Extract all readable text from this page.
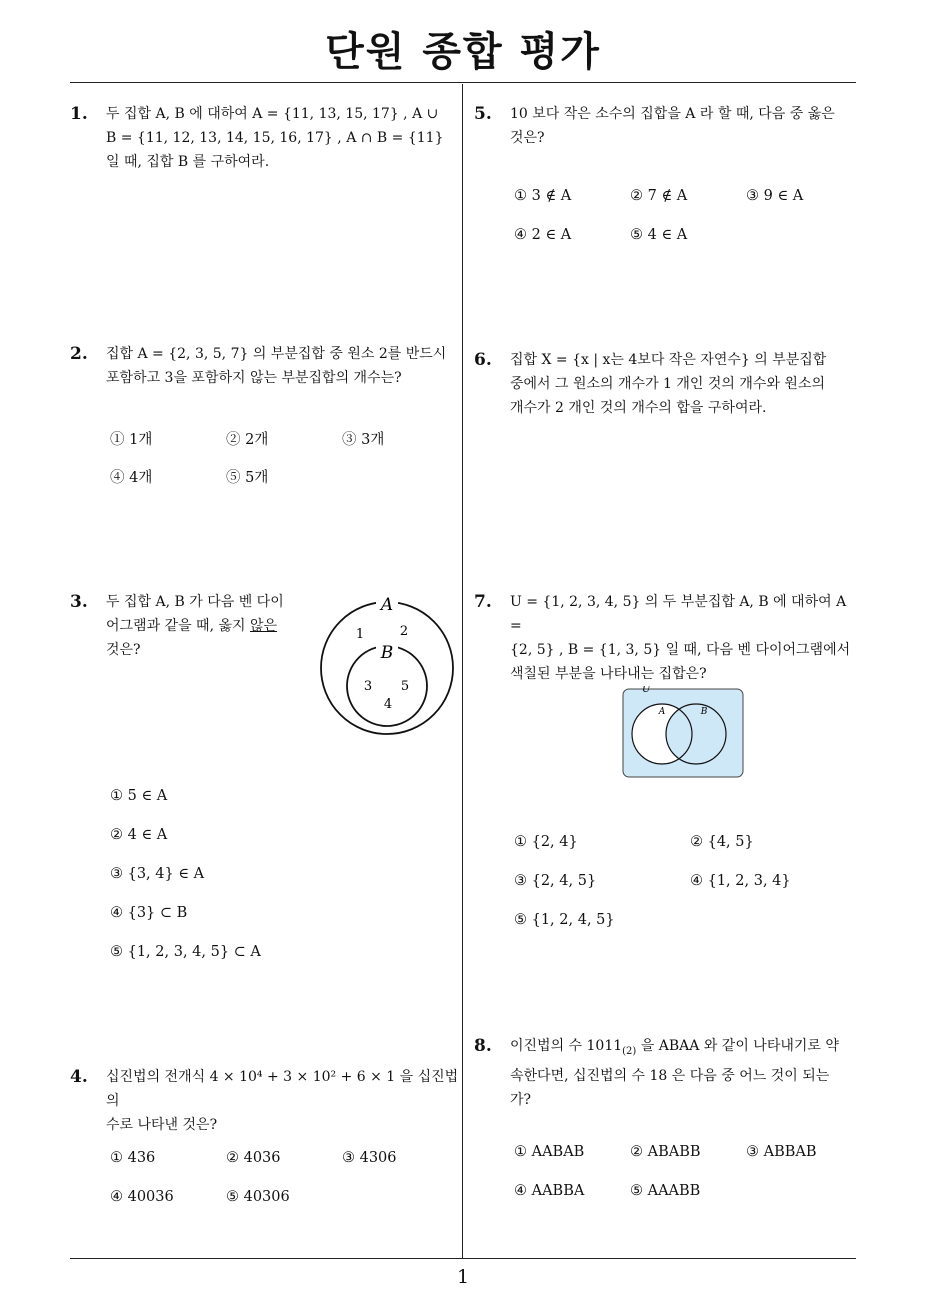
단원 종합 평가
1
1. 두 집합 A, B 에 대하여 A = {11, 13, 15, 17} , A ∪
B = {11, 12, 13, 14, 15, 16, 17} , A ∩ B = {11}
일 때, 집합 B 를 구하여라.
2. 집합 A = {2, 3, 5, 7} 의 부분집합 중 원소 2를 반드시
포함하고 3을 포함하지 않는 부분집합의 개수는?
① 1개	② 2개	③ 3개
④ 4개	⑤ 5개
3. 두 집합 A, B 가 다음 벤 다이
어그램과 같을 때, 옳지 않은
것은?
A
B
1	2
3 5
4
① 5 ∈ A
② 4 ∈ A
③ {3, 4} ∈ A
④ {3} ⊂ B
⑤ {1, 2, 3, 4, 5} ⊂ A
4. 십진법의 전개식 4 × 10⁴ + 3 × 10² + 6 × 1 을 십진법의
수로 나타낸 것은?
① 436	② 4036	③ 4306
④ 40036	⑤ 40306
5. 10 보다 작은 소수의 집합을 A 라 할 때, 다음 중 옳은
것은?
① 3 ∉ A	② 7 ∉ A	③ 9 ∈ A
④ 2 ∈ A	⑤ 4 ∈ A
6. 집합 X = {x | x는 4보다 작은 자연수} 의 부분집합
중에서 그 원소의 개수가 1 개인 것의 개수와 원소의
개수가 2 개인 것의 개수의 합을 구하여라.
7. U = {1, 2, 3, 4, 5} 의 두 부분집합 A, B 에 대하여 A =
{2, 5} , B = {1, 3, 5} 일 때, 다음 벤 다이어그램에서
색칠된 부분을 나타내는 집합은?
U
A	B
① {2, 4}	② {4, 5}
③ {2, 4, 5}	④ {1, 2, 3, 4}
⑤ {1, 2, 4, 5}
8. 이진법의 수 $1011_{(2)}$ 을 ABAA 와 같이 나타내기로 약
속한다면, 십진법의 수 18 은 다음 중 어느 것이 되는
가?
① AABAB	② ABABB	③ ABBAB
④ AABBA	⑤ AAABB
